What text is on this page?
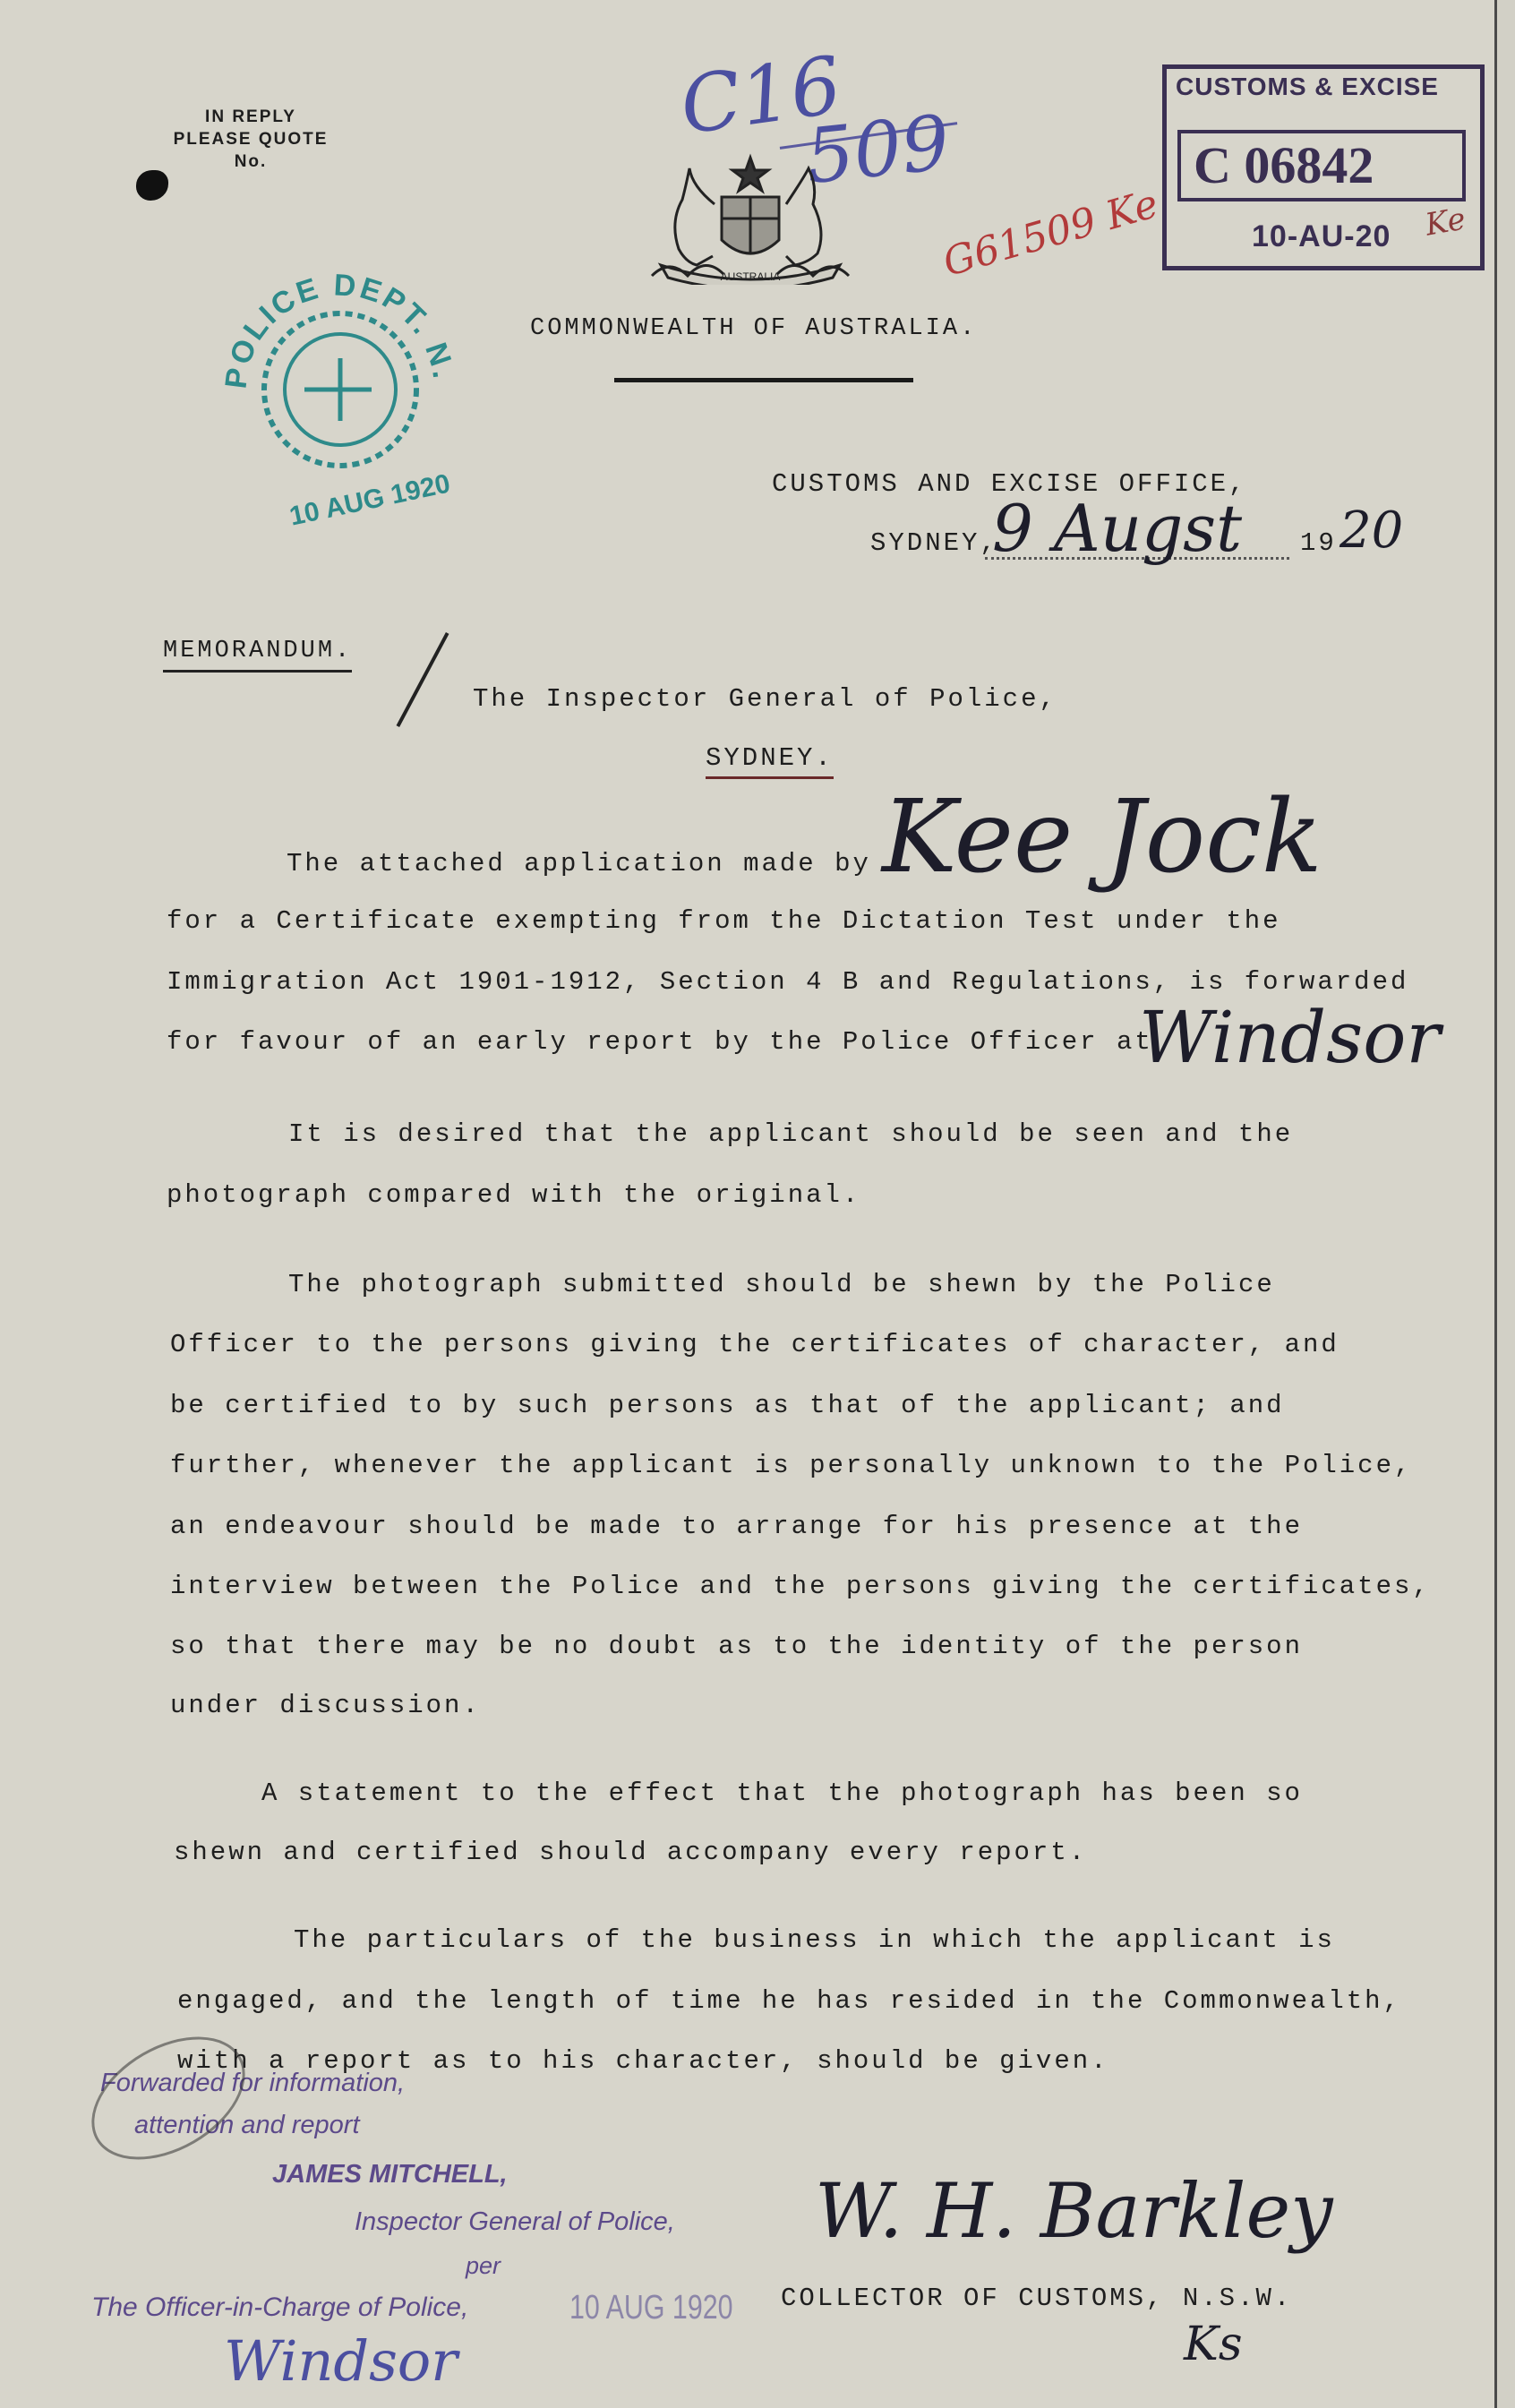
IN REPLY
PLEASE QUOTE
No.
C16
509
G61509 Ke
CUSTOMS & EXCISE
C 06842
10-AU-20 Ke
AUSTRALIA
COMMONWEALTH OF AUSTRALIA.
POLICE DEPT. N.
10 AUG 1920	CUSTOMS AND EXCISE OFFICE,
SYDNEY,
9 Augst 19 20
MEMORANDUM.
The Inspector General of Police,
SYDNEY.
The attached application made by Kee Jock
for a Certificate exempting from the Dictation Test under the
Immigration Act 1901-1912, Section 4 B and Regulations, is forwarded
for favour of an early report by the Police Officer at
Windsor
It is desired that the applicant should be seen and the
photograph compared with the original.
The photograph submitted should be shewn by the Police
Officer to the persons giving the certificates of character, and
be certified to by such persons as that of the applicant; and
further, whenever the applicant is personally unknown to the Police,
an endeavour should be made to arrange for his presence at the
interview between the Police and the persons giving the certificates,
so that there may be no doubt as to the identity of the person
under discussion.
A statement to the effect that the photograph has been so
shewn and certified should accompany every report.
The particulars of the business in which the applicant is
engaged, and the length of time he has resided in the Commonwealth,
with a report as to his character, should be given.
Forwarded for information,
attention and report
JAMES MITCHELL,
Inspector General of Police,
per
The Officer-in-Charge of Police,	10 AUG 1920
Windsor
W. H. Barkley
COLLECTOR OF CUSTOMS, N.S.W.
Ks
